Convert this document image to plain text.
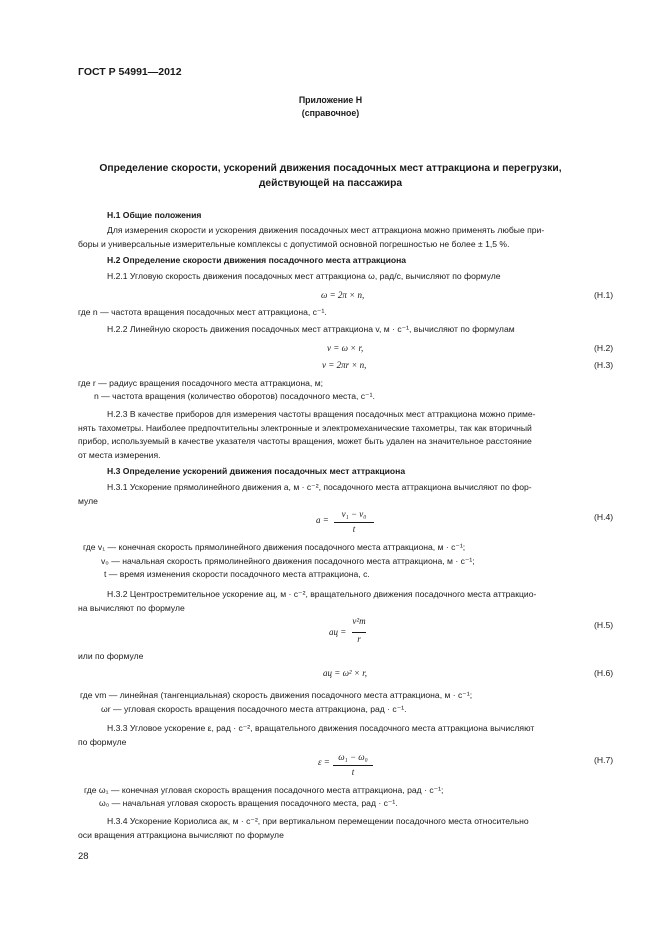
ГОСТ Р 54991—2012
Приложение Н
(справочное)
Определение скорости, ускорений движения посадочных мест аттракциона и перегрузки,
действующей на пассажира
Н.1 Общие положения
Для измерения скорости и ускорения движения посадочных мест аттракциона можно применять любые при-
боры и универсальные измерительные комплексы с допустимой основной погрешностью не более ± 1,5 %.
Н.2 Определение скорости движения посадочного места аттракциона
Н.2.1 Угловую скорость движения посадочных мест аттракциона ω, рад/с, вычисляют по формуле
ω = 2π × n,	(Н.1)
где n — частота вращения посадочных мест аттракциона, с⁻¹.
Н.2.2 Линейную скорость движения посадочных мест аттракциона v, м · с⁻¹, вычисляют по формулам
v = ω × r,	(Н.2)
v = 2πr × n,	(Н.3)
где r — радиус вращения посадочного места аттракциона, м;
n — частота вращения (количество оборотов) посадочного места, с⁻¹.
Н.2.3 В качестве приборов для измерения частоты вращения посадочных мест аттракциона можно приме-
нять тахометры. Наиболее предпочтительны электронные и электромеханические тахометры, так как вторичный
прибор, используемый в качестве указателя частоты вращения, может быть удален на значительное расстояние
от места измерения.
Н.3 Определение ускорений движения посадочных мест аттракциона
Н.3.1 Ускорение прямолинейного движения a, м · с⁻², посадочного места аттракциона вычисляют по фор-
муле
a =
v₁ − v₀
t
(Н.4)
где v₁ — конечная скорость прямолинейного движения посадочного места аттракциона, м · с⁻¹;
v₀ — начальная скорость прямолинейного движения посадочного места аттракциона, м · с⁻¹;
t — время изменения скорости посадочного места аттракциона, с.
Н.3.2 Центростремительное ускорение aц, м · с⁻², вращательного движения посадочного места аттракцио-
на вычисляют по формуле
aц =
v²m
r
(Н.5)
или по формуле
aц = ω² × r,	(Н.6)
где vm — линейная (тангенциальная) скорость движения посадочного места аттракциона, м · с⁻¹;
ωr — угловая скорость вращения посадочного места аттракциона, рад · с⁻¹.
Н.3.3 Угловое ускорение ε, рад · с⁻², вращательного движения посадочного места аттракциона вычисляют
по формуле
ε = ω₁ − ω₀
t
(Н.7)
где ω₁ — конечная угловая скорость вращения посадочного места аттракциона, рад · с⁻¹;
ω₀ — начальная угловая скорость вращения посадочного места, рад · с⁻¹.
Н.3.4 Ускорение Кориолиса aк, м · с⁻², при вертикальном перемещении посадочного места относительно
оси вращения аттракциона вычисляют по формуле
28
